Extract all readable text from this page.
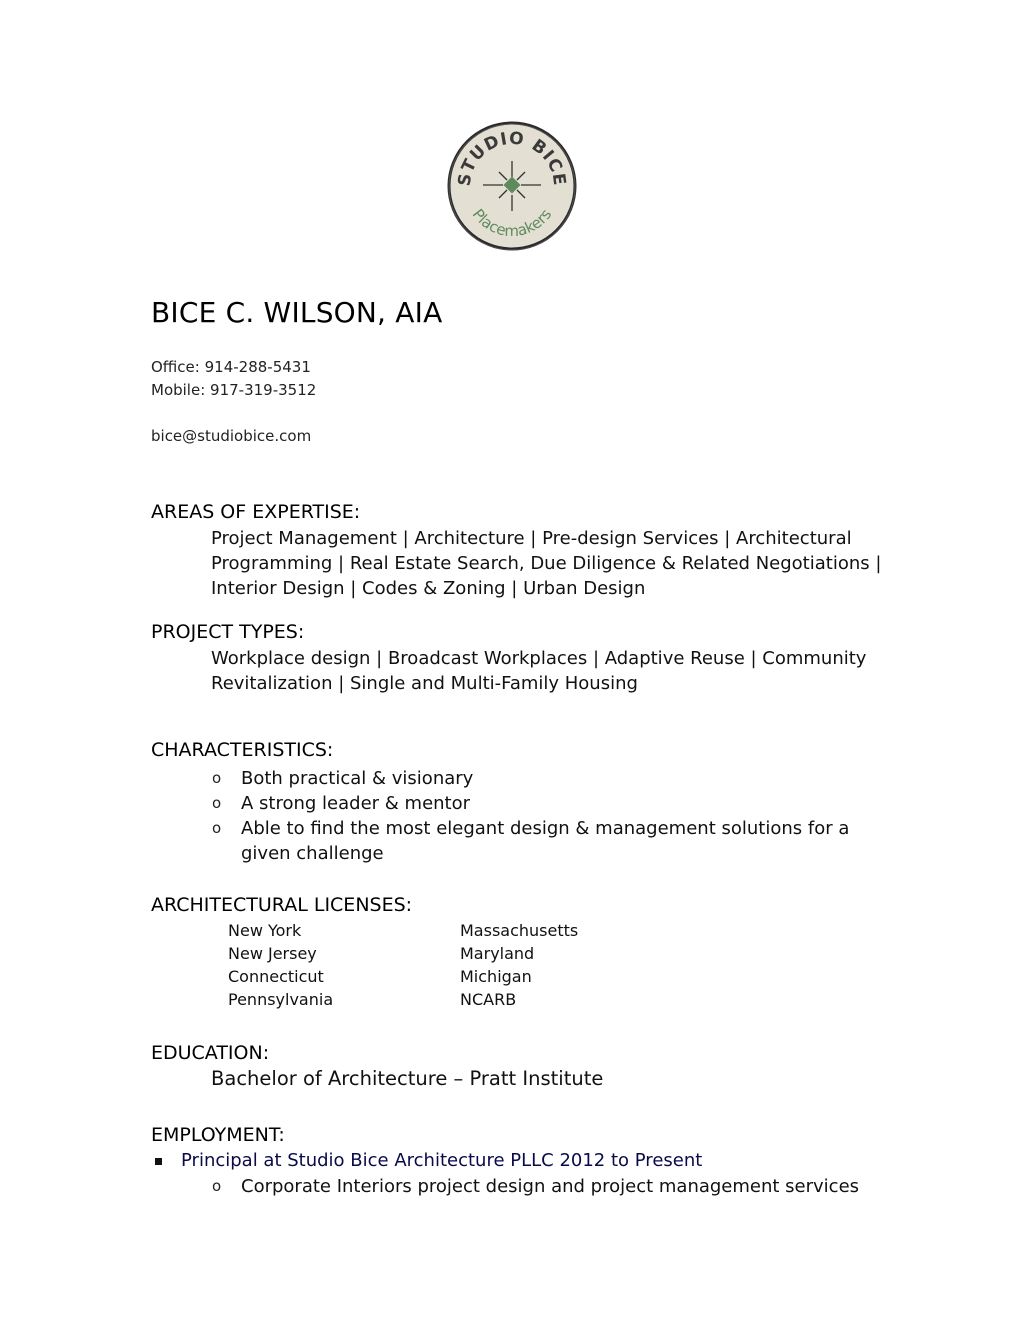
STUDIO BICE
Placemakers
BICE C. WILSON, AIA
Office: 914-288-5431
Mobile: 917-319-3512
bice@studiobice.com
AREAS OF EXPERTISE:
Project Management | Architecture | Pre-design Services | Architectural
Programming | Real Estate Search, Due Diligence & Related Negotiations |
Interior Design | Codes & Zoning | Urban Design
PROJECT TYPES:
Workplace design | Broadcast Workplaces | Adaptive Reuse | Community
Revitalization | Single and Multi-Family Housing
CHARACTERISTICS:
o Both practical & visionary
o A strong leader & mentor
o Able to find the most elegant design & management solutions for a
given challenge
ARCHITECTURAL LICENSES:
New York
New Jersey
Connecticut
Pennsylvania
Massachusetts
Maryland
Michigan
NCARB
EDUCATION:
Bachelor of Architecture – Pratt Institute
EMPLOYMENT:
Principal at Studio Bice Architecture PLLC 2012 to Present
o Corporate Interiors project design and project management services
